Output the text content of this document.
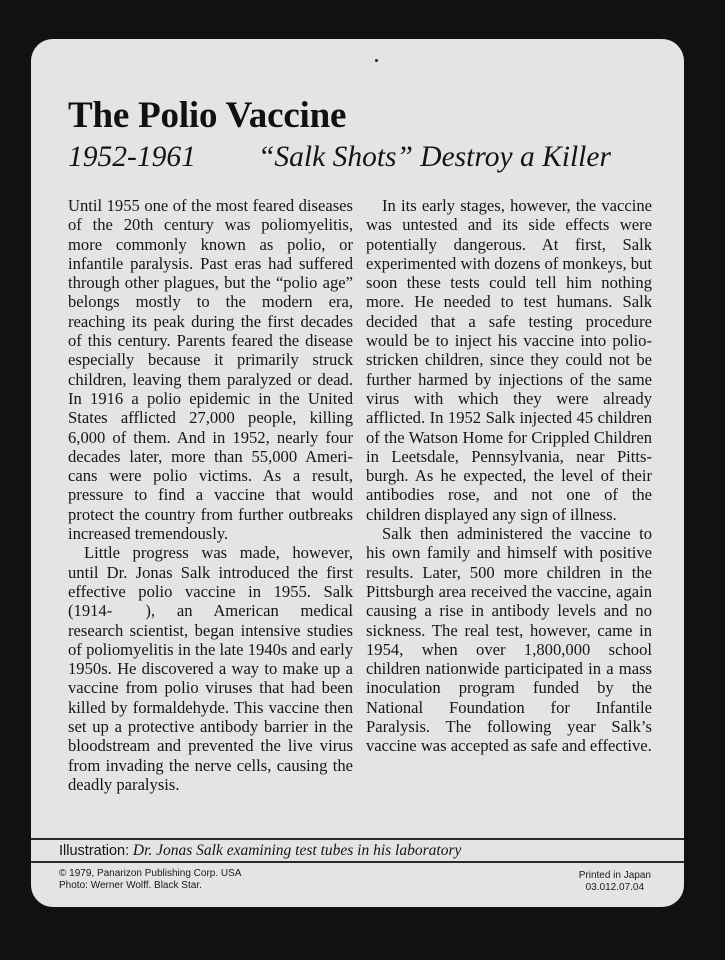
The Polio Vaccine
1952-1961 “Salk Shots” Destroy a Killer

Until 1955 one of the most feared diseases of the 20th century was poliomyelitis, more commonly known as polio, or infantile paralysis. Past eras had suffered through other plagues, but the “polio age” belongs mostly to the modern era, reaching its peak during the first decades of this century. Parents feared the disease especially because it primarily struck children, leaving them paralyzed or dead. In 1916 a polio epidemic in the United States afflicted 27,000 people, killing 6,000 of them. And in 1952, nearly four decades later, more than 55,000 Americans were polio victims. As a result, pressure to find a vaccine that would protect the country from further outbreaks increased tremendously.

Little progress was made, however, until Dr. Jonas Salk introduced the first effective polio vaccine in 1955. Salk (1914-  ), an American medical research scientist, began intensive studies of poliomyelitis in the late 1940s and early 1950s. He discovered a way to make up a vaccine from polio viruses that had been killed by formaldehyde. This vaccine then set up a protective antibody barrier in the bloodstream and prevented the live virus from invading the nerve cells, causing the deadly paralysis.

In its early stages, however, the vaccine was untested and its side effects were potentially dangerous. At first, Salk experimented with dozens of monkeys, but soon these tests could tell him nothing more. He needed to test humans. Salk decided that a safe testing procedure would be to inject his vaccine into polio-stricken children, since they could not be further harmed by injections of the same virus with which they were already afflicted. In 1952 Salk injected 45 children of the Watson Home for Crippled Children in Leetsdale, Pennsylvania, near Pittsburgh. As he expected, the level of their antibodies rose, and not one of the children displayed any sign of illness.

Salk then administered the vaccine to his own family and himself with positive results. Later, 500 more children in the Pittsburgh area received the vaccine, again causing a rise in antibody levels and no sickness. The real test, however, came in 1954, when over 1,800,000 school children nationwide participated in a mass inoculation program funded by the National Foundation for Infantile Paralysis. The following year Salk’s vaccine was accepted as safe and effective.

Illustration: Dr. Jonas Salk examining test tubes in his laboratory
© 1979, Panarizon Publishing Corp. USA
Photo: Werner Wolff. Black Star.
Printed in Japan
03.012.07.04
